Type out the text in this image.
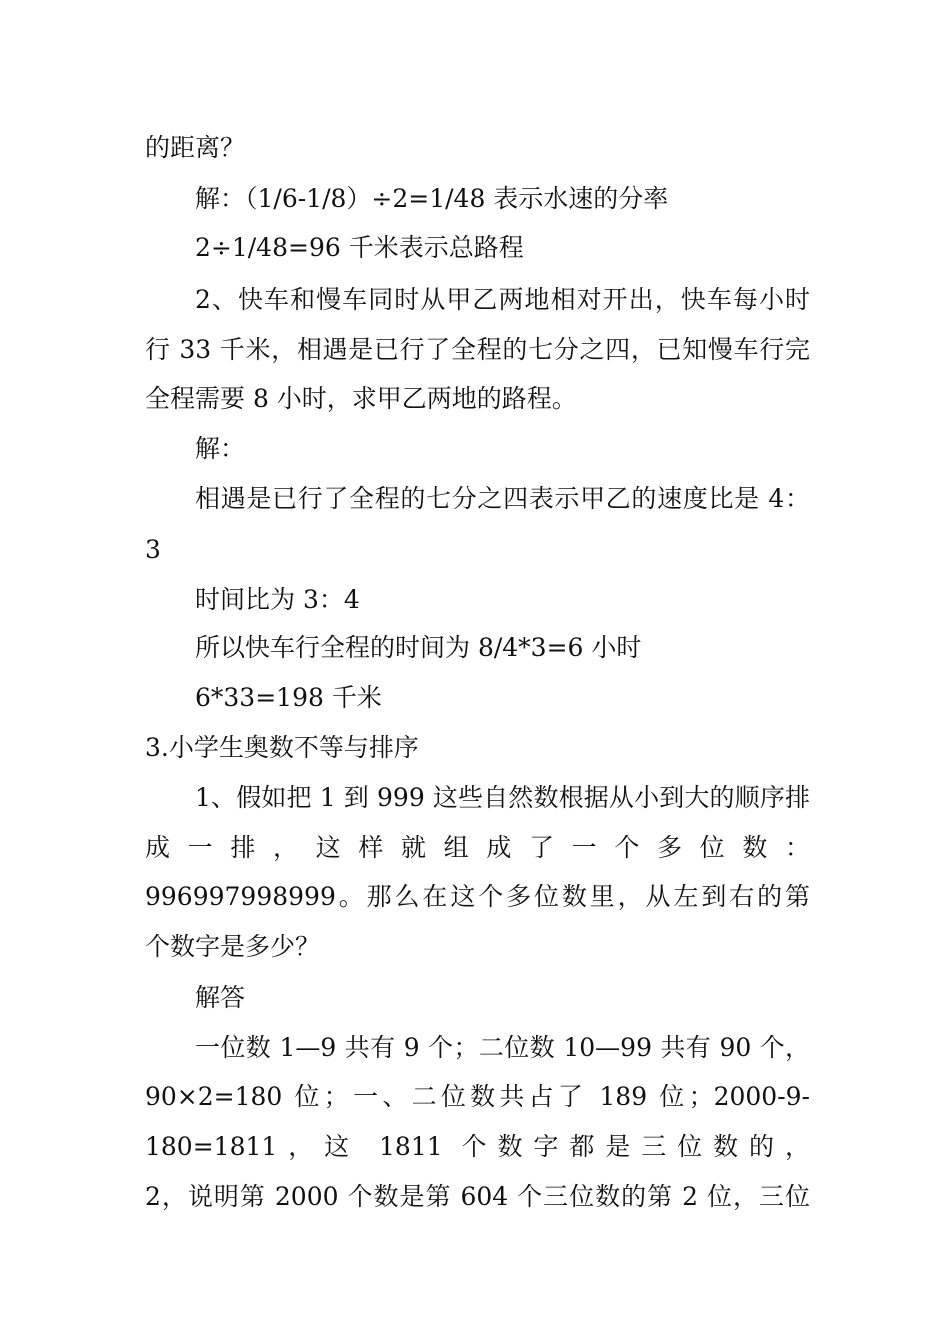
的距离？
解：（1/6-1/8）÷2=1/48 表示水速的分率
2÷1/48=96 千米表示总路程
2、快车和慢车同时从甲乙两地相对开出，快车每小时
行 33 千米，相遇是已行了全程的七分之四，已知慢车行完
全程需要 8 小时，求甲乙两地的路程。
解：
相遇是已行了全程的七分之四表示甲乙的速度比是 4：
3
时间比为 3：4
所以快车行全程的时间为 8/4*3=6 小时
6*33=198 千米
3.小学生奥数不等与排序
1、假如把 1 到 999 这些自然数根据从小到大的顺序排
成一排，这样就组成了一个多位数：
996997998999。那么在这个多位数里，从左到右的第
个数字是多少？
解答
一位数 1—9 共有 9 个；二位数 10—99 共有 90 个，
90×2=180 位；一、二位数共占了 189 位；2000-9-
180=1811，这 1811 个数字都是三位数的，
2，说明第 2000 个数是第 604 个三位数的第 2 位，三位
